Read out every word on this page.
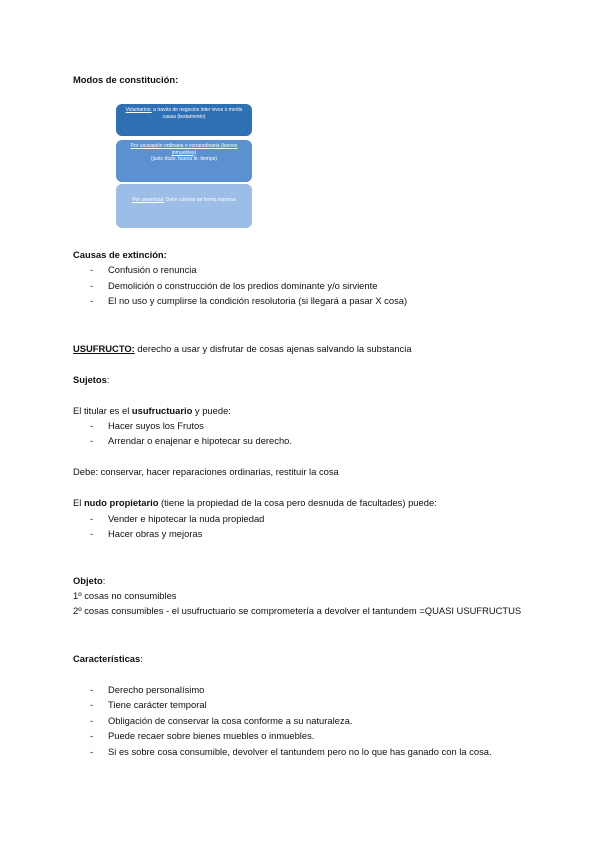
Modos de constitución:
Voluntarios: a través de negocios inter vivos o mortis causa (testamento)
Por usucapión ordinaria o extraordinaria (bienes inmuebles)
(justo título, buena fe, tiempo)
Por sentencia: Debe constar de forma expresa
Causas de extinción:
- Confusión o renuncia
- Demolición o construcción de los predios dominante y/o sirviente
- El no uso y cumplirse la condición resolutoria (si llegará a pasar X cosa)
USUFRUCTO: derecho a usar y disfrutar de cosas ajenas salvando la substancia
Sujetos:
El titular es el usufructuario y puede:
- Hacer suyos los Frutos
- Arrendar o enajenar e hipotecar su derecho.
Debe: conservar, hacer reparaciones ordinarias, restituir la cosa
El nudo propietario (tiene la propiedad de la cosa pero desnuda de facultades) puede:
- Vender e hipotecar la nuda propiedad
- Hacer obras y mejoras
Objeto:
1º cosas no consumibles
2º cosas consumibles - el usufructuario se comprometería a devolver el tantundem =QUASI USUFRUCTUS
Características:
- Derecho personalísimo
- Tiene carácter temporal
- Obligación de conservar la cosa conforme a su naturaleza.
- Puede recaer sobre bienes muebles o inmuebles.
- Si es sobre cosa consumible, devolver el tantundem pero no lo que has ganado con la cosa.
